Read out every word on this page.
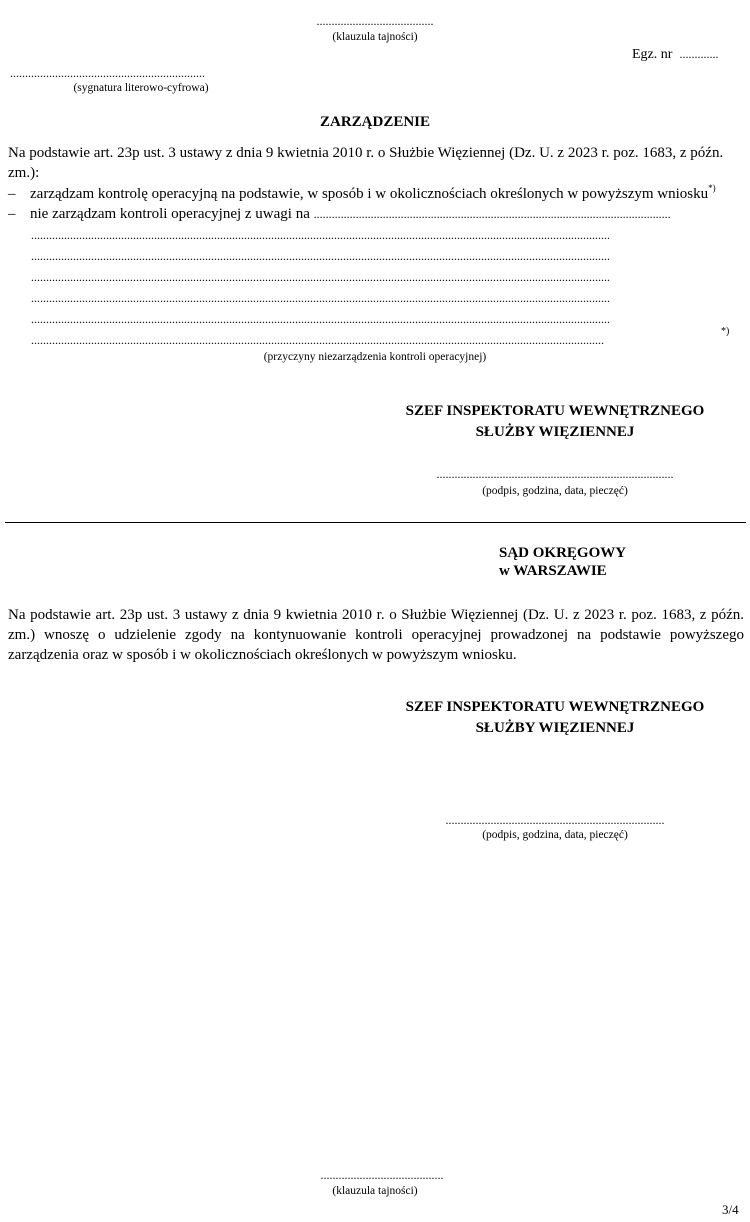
.......................................
(klauzula tajności)
Egz. nr .............
.................................................................
(sygnatura literowo-cyfrowa)
ZARZĄDZENIE
Na podstawie art. 23p ust. 3 ustawy z dnia 9 kwietnia 2010 r. o Służbie Więziennej (Dz. U. z 2023 r. poz. 1683, z późn. zm.):
– zarządzam kontrolę operacyjną na podstawie, w sposób i w okolicznościach określonych w powyższym wniosku*)
– nie zarządzam kontroli operacyjnej z uwagi na .......................................................................................................................
.................................................................................................................................................................................................
.................................................................................................................................................................................................
.................................................................................................................................................................................................
.................................................................................................................................................................................................
.................................................................................................................................................................................................
...............................................................................................................................................................................................*)
(przyczyny niezarządzenia kontroli operacyjnej)
SZEF INSPEKTORATU WEWNĘTRZNEGO
SŁUŻBY WIĘZIENNEJ
...............................................................................
(podpis, godzina, data, pieczęć)
SĄD OKRĘGOWY
w WARSZAWIE
Na podstawie art. 23p ust. 3 ustawy z dnia 9 kwietnia 2010 r. o Służbie Więziennej (Dz. U. z 2023 r. poz. 1683, z późn. zm.) wnoszę o udzielenie zgody na kontynuowanie kontroli operacyjnej prowadzonej na podstawie powyższego zarządzenia oraz w sposób i w okolicznościach określonych w powyższym wniosku.
SZEF INSPEKTORATU WEWNĘTRZNEGO
SŁUŻBY WIĘZIENNEJ
.........................................................................
(podpis, godzina, data, pieczęć)
.........................................
(klauzula tajności)
3/4
